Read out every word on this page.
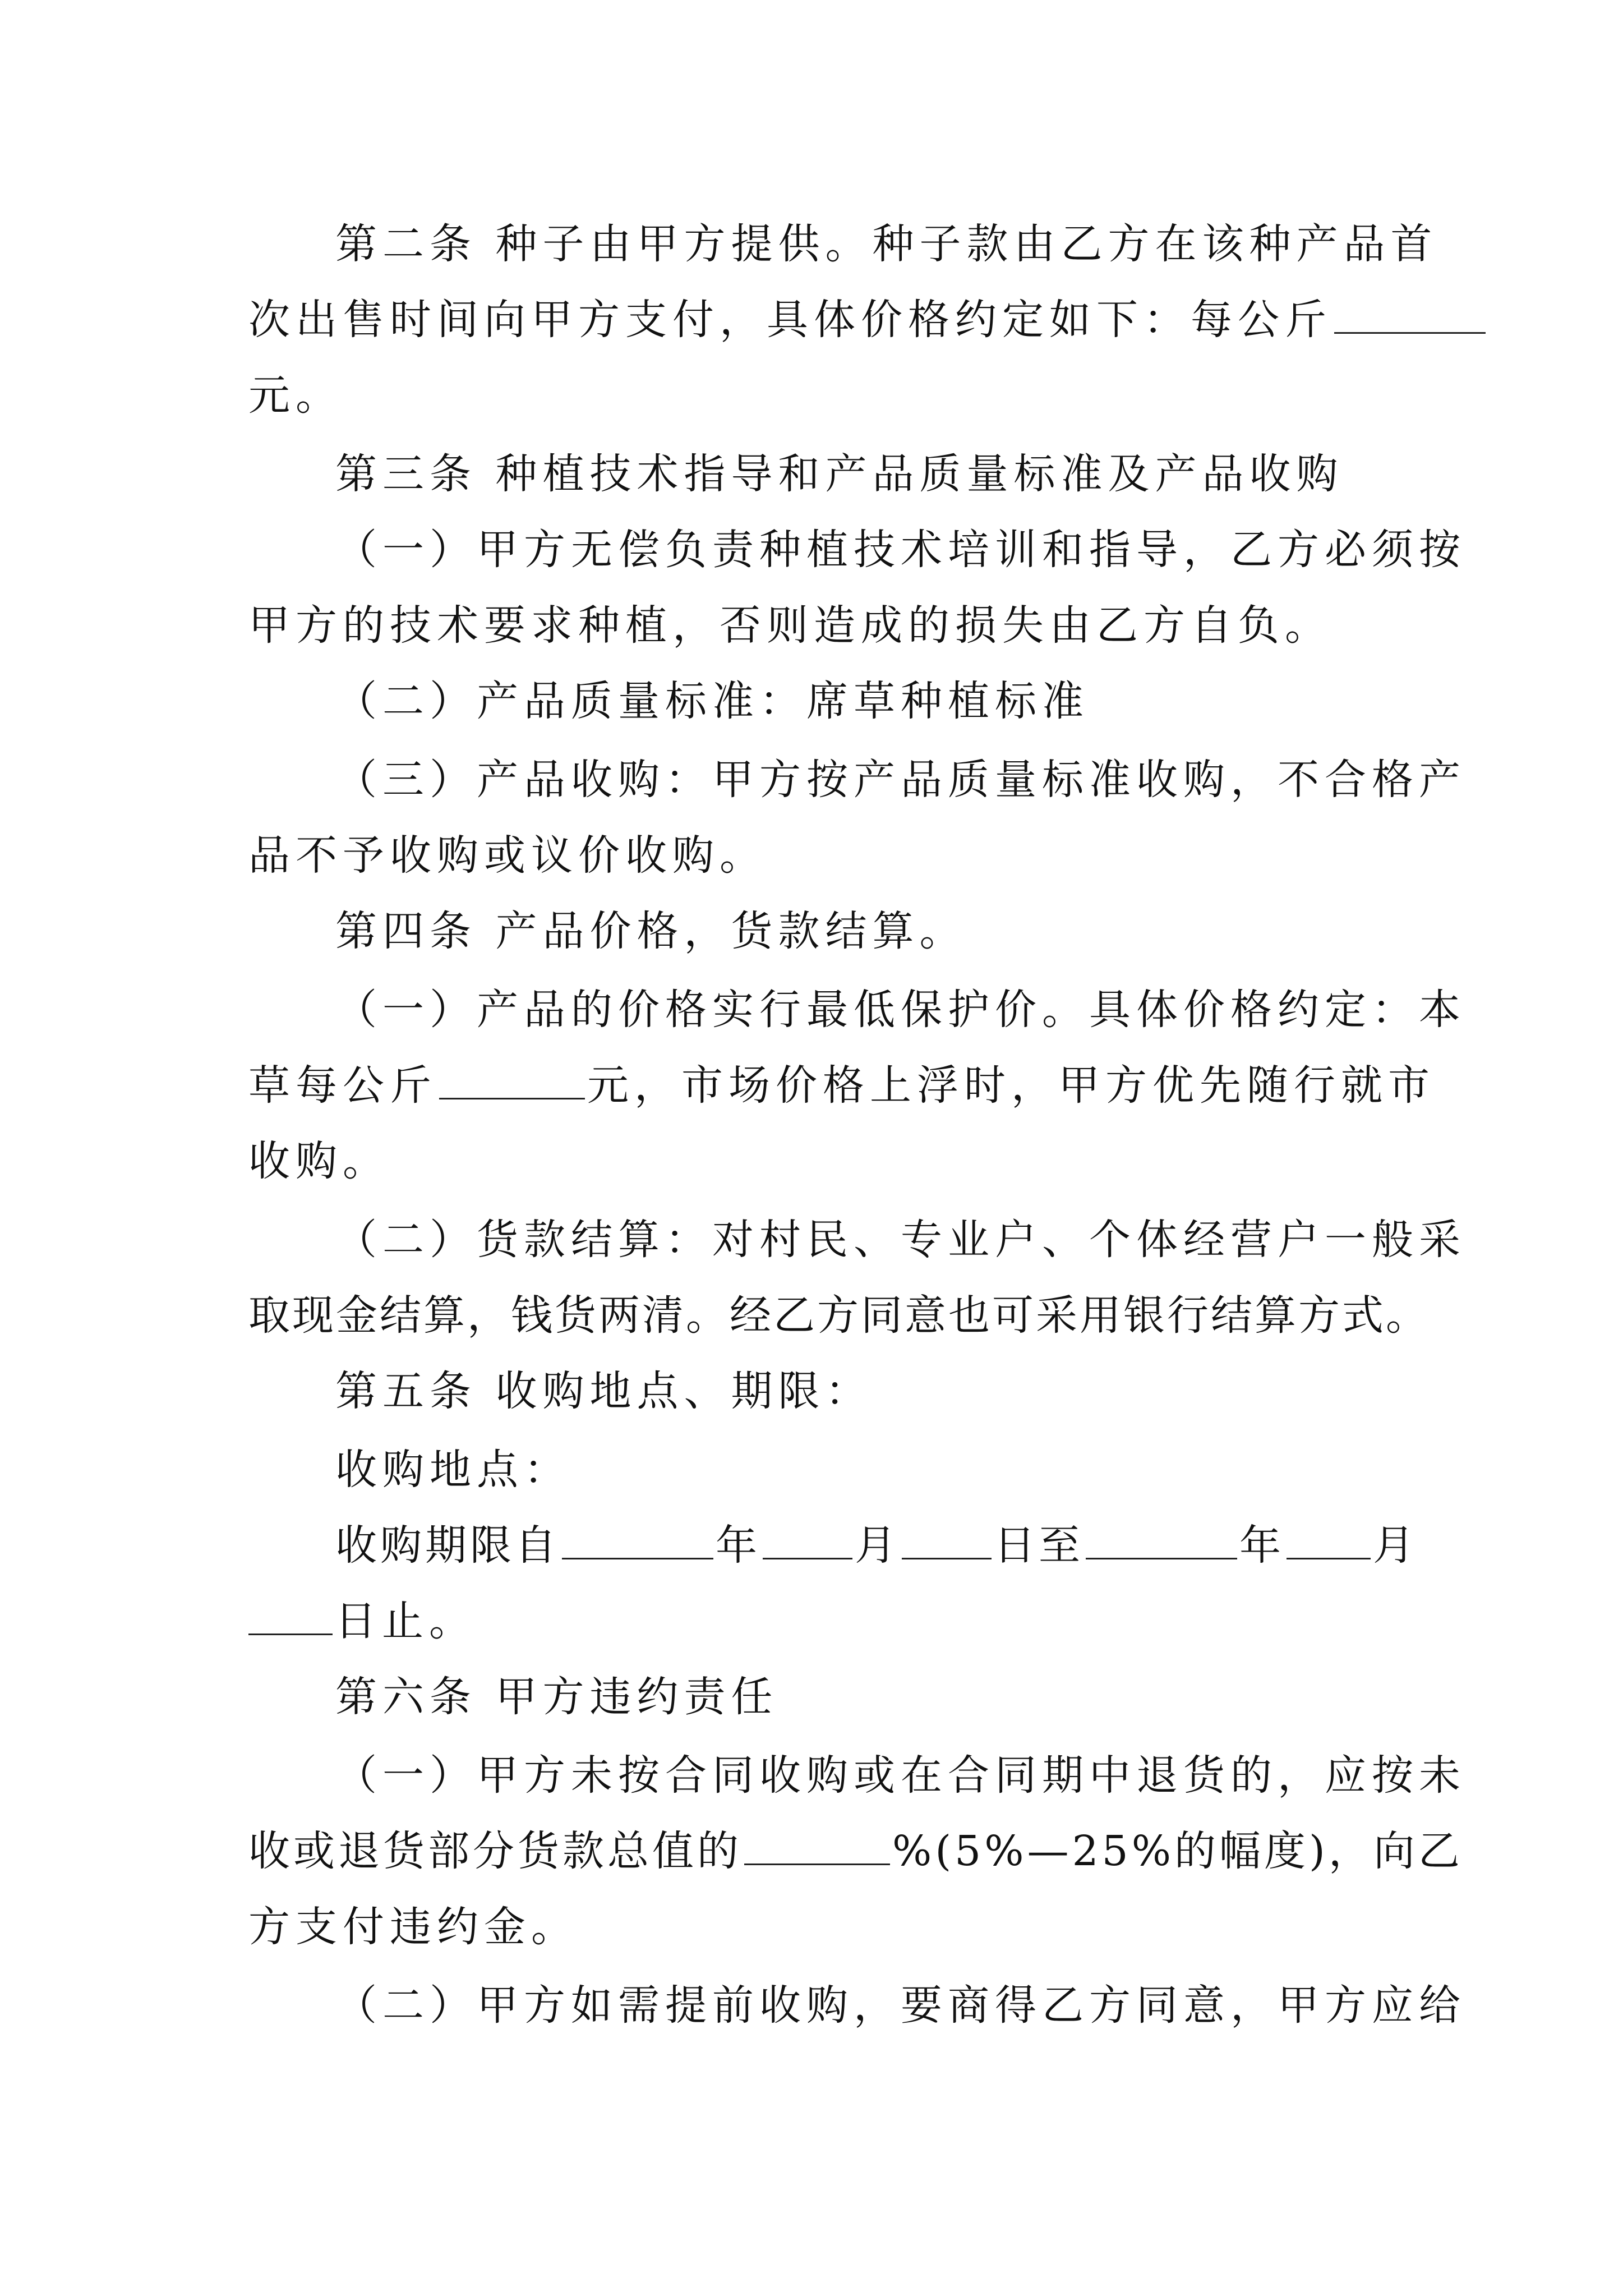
第二条 种子由甲方提供。种子款由乙方在该种产品首
次出售时间向甲方支付，具体价格约定如下：每公斤
元。
第三条 种植技术指导和产品质量标准及产品收购
（一）甲方无偿负责种植技术培训和指导，乙方必须按
甲方的技术要求种植，否则造成的损失由乙方自负。
（二）产品质量标准：席草种植标准
（三）产品收购：甲方按产品质量标准收购，不合格产
品不予收购或议价收购。
第四条 产品价格，货款结算。
（一）产品的价格实行最低保护价。具体价格约定：本
草每公斤	元，市场价格上浮时，甲方优先随行就市
收购。
（二）货款结算：对村民、专业户、个体经营户一般采
取现金结算，钱货两清。经乙方同意也可采用银行结算方式。
第五条 收购地点、期限：
收购地点：
收购期限自	年 月 日至	年 月
日止。
第六条 甲方违约责任
（一）甲方未按合同收购或在合同期中退货的，应按未
收或退货部分货款总值的	%(5%—25%的幅度)，向乙
方支付违约金。
（二）甲方如需提前收购，要商得乙方同意，甲方应给
